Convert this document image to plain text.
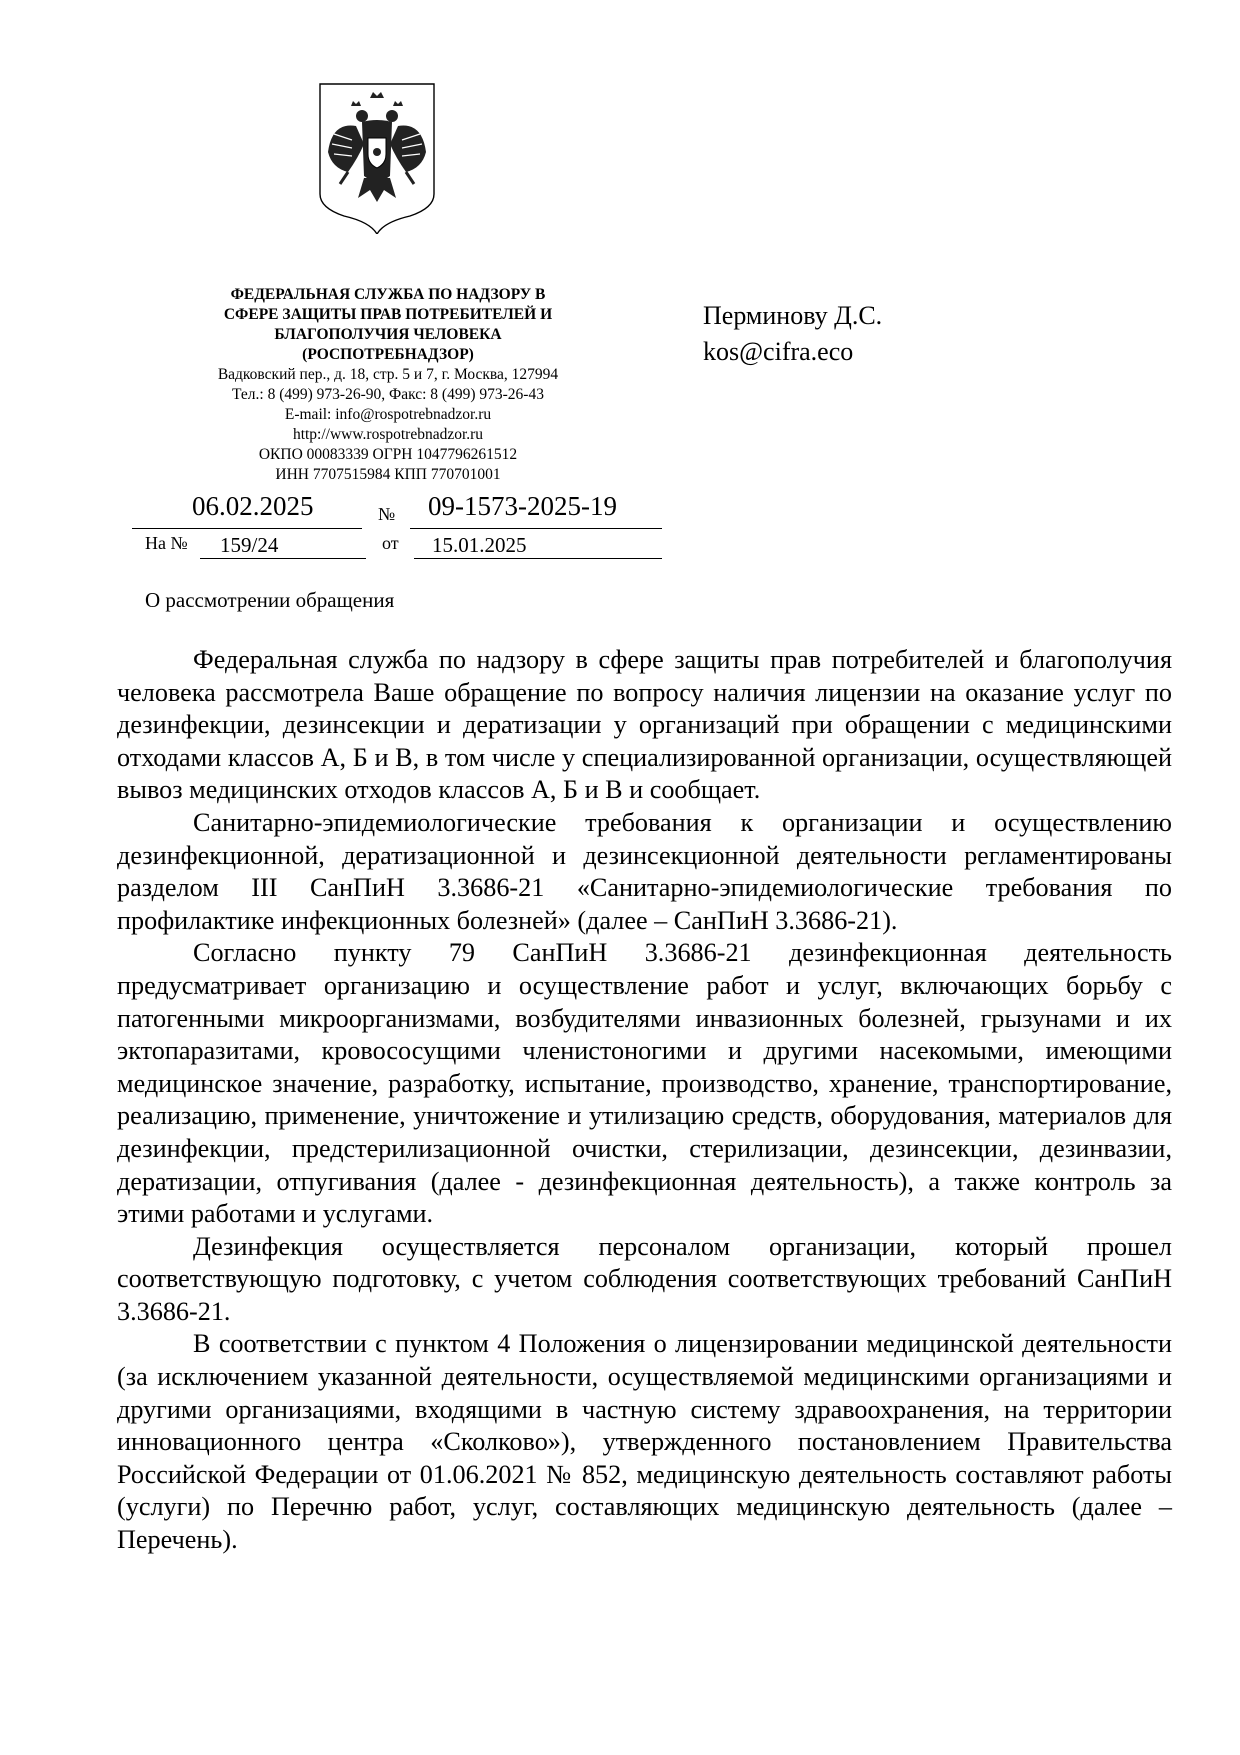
ФЕДЕРАЛЬНАЯ СЛУЖБА ПО НАДЗОРУ В

СФЕРЕ ЗАЩИТЫ ПРАВ ПОТРЕБИТЕЛЕЙ И

БЛАГОПОЛУЧИЯ ЧЕЛОВЕКА

(РОСПОТРЕБНАДЗОР)

Вадковский пер., д. 18, стр. 5 и 7, г. Москва, 127994

Тел.: 8 (499) 973-26-90, Факс: 8 (499) 973-26-43

E-mail: info@rospotrebnadzor.ru

http://www.rospotrebnadzor.ru

ОКПО 00083339 ОГРН 1047796261512

ИНН 7707515984 КПП 770701001

06.02.2025	№ 09-1573-2025-19
На № 159/24	от 15.01.2025
Перминову Д.С.
kos@cifra.eco
О рассмотрении обращения

Федеральная служба по надзору в сфере защиты прав потребителей и благополучия человека рассмотрела Ваше обращение по вопросу наличия лицензии на оказание услуг по дезинфекции, дезинсекции и дератизации у организаций при обращении с медицинскими отходами классов А, Б и В, в том числе у специализированной организации, осуществляющей вывоз медицинских отходов классов А, Б и В и сообщает.

Санитарно-эпидемиологические требования к организации и осуществлению дезинфекционной, дератизационной и дезинсекционной деятельности регламентированы разделом III СанПиН 3.3686-21 «Санитарно-эпидемиологические требования по профилактике инфекционных болезней» (далее – СанПиН 3.3686-21).

Согласно пункту 79 СанПиН 3.3686-21 дезинфекционная деятельность предусматривает организацию и осуществление работ и услуг, включающих борьбу с патогенными микроорганизмами, возбудителями инвазионных болезней, грызунами и их эктопаразитами, кровососущими членистоногими и другими насекомыми, имеющими медицинское значение, разработку, испытание, производство, хранение, транспортирование, реализацию, применение, уничтожение и утилизацию средств, оборудования, материалов для дезинфекции, предстерилизационной очистки, стерилизации, дезинсекции, дезинвазии, дератизации, отпугивания (далее - дезинфекционная деятельность), а также контроль за этими работами и услугами.

Дезинфекция осуществляется персоналом организации, который прошел соответствующую подготовку, с учетом соблюдения соответствующих требований СанПиН 3.3686-21.

В соответствии с пунктом 4 Положения о лицензировании медицинской деятельности (за исключением указанной деятельности, осуществляемой медицинскими организациями и другими организациями, входящими в частную систему здравоохранения, на территории инновационного центра «Сколково»), утвержденного постановлением Правительства Российской Федерации от 01.06.2021 № 852, медицинскую деятельность составляют работы (услуги) по Перечню работ, услуг, составляющих медицинскую деятельность (далее – Перечень).
